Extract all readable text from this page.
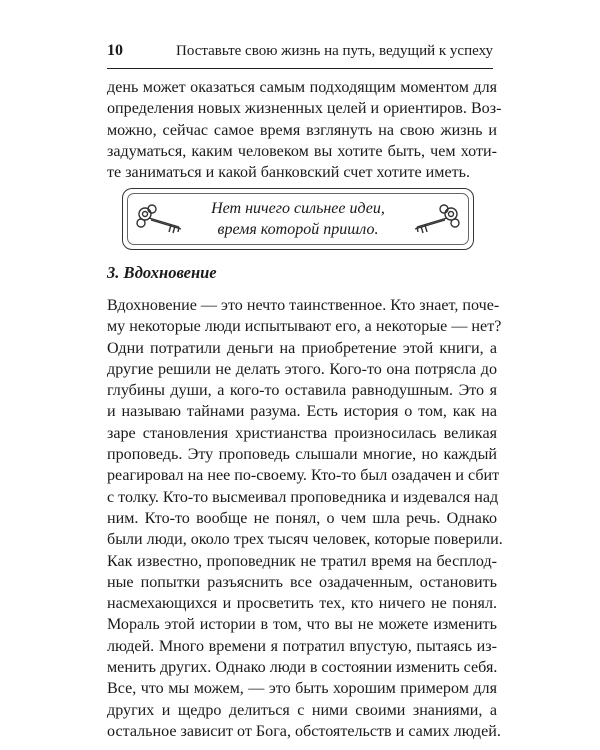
10	Поставьте свою жизнь на путь, ведущий к успеху

день может оказаться самым подходящим моментом для
определения новых жизненных целей и ориентиров. Воз-
можно, сейчас самое время взглянуть на свою жизнь и
задуматься, каким человеком вы хотите быть, чем хоти-
те заниматься и какой банковский счет хотите иметь.

Нет ничего сильнее идеи,
время которой пришло.
3. Вдохновение

Вдохновение — это нечто таинственное. Кто знает, поче-
му некоторые люди испытывают его, а некоторые — нет?
Одни потратили деньги на приобретение этой книги, а
другие решили не делать этого. Кого-то она потрясла до
глубины души, а кого-то оставила равнодушным. Это я
и называю тайнами разума. Есть история о том, как на
заре становления христианства произносилась великая
проповедь. Эту проповедь слышали многие, но каждый
реагировал на нее по-своему. Кто-то был озадачен и сбит
с толку. Кто-то высмеивал проповедника и издевался над
ним. Кто-то вообще не понял, о чем шла речь. Однако
были люди, около трех тысяч человек, которые поверили.
Как известно, проповедник не тратил время на бесплод-
ные попытки разъяснить все озадаченным, остановить
насмехающихся и просветить тех, кто ничего не понял.
Мораль этой истории в том, что вы не можете изменить
людей. Много времени я потратил впустую, пытаясь из-
менить других. Однако люди в состоянии изменить себя.
Все, что мы можем, — это быть хорошим примером для
других и щедро делиться с ними своими знаниями, а
остальное зависит от Бога, обстоятельств и самих людей.
